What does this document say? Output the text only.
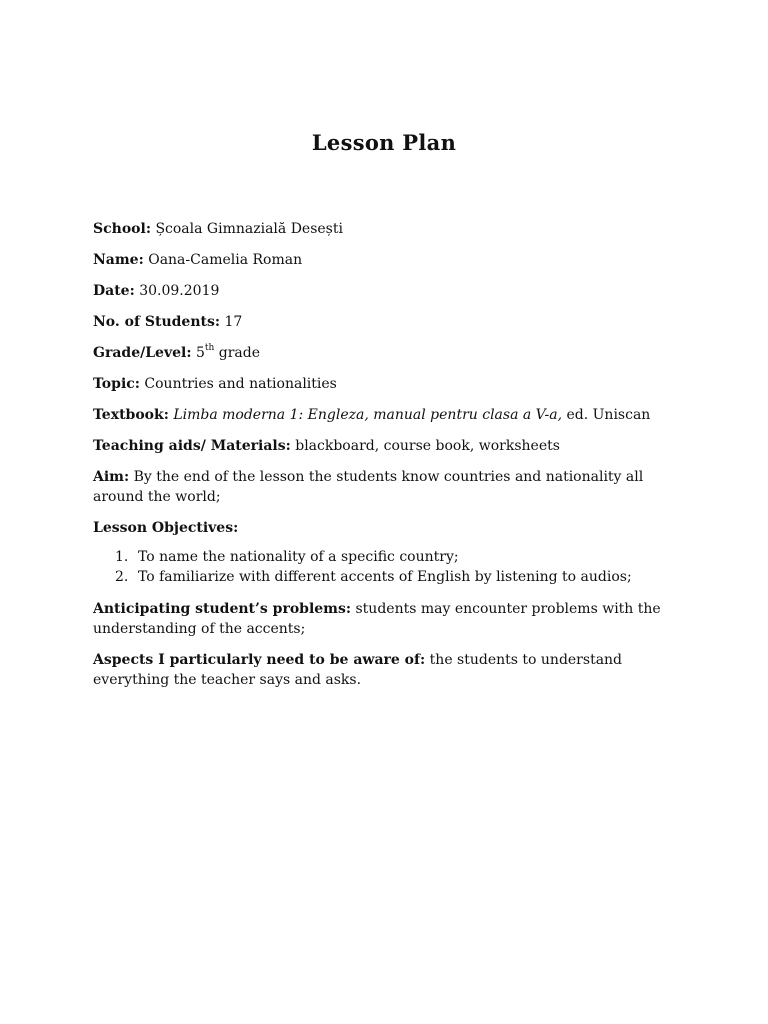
Lesson Plan

School: Școala Gimnazială Desești

Name: Oana-Camelia Roman

Date: 30.09.2019

No. of Students: 17

Grade/Level: 5th grade

Topic: Countries and nationalities

Textbook: Limba moderna 1: Engleza, manual pentru clasa a V-a, ed. Uniscan

Teaching aids/ Materials: blackboard, course book, worksheets

Aim: By the end of the lesson the students know countries and nationality all around the world;

Lesson Objectives:

1. To name the nationality of a specific country;
2. To familiarize with different accents of English by listening to audios;

Anticipating student’s problems: students may encounter problems with the understanding of the accents;

Aspects I particularly need to be aware of: the students to understand everything the teacher says and asks.
